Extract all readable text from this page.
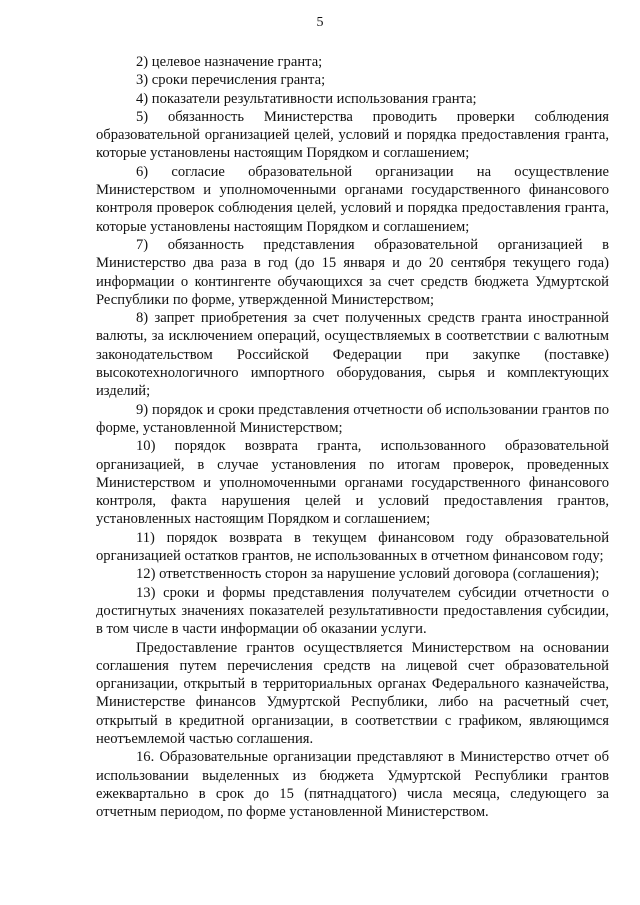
5

2) целевое назначение гранта;

3) сроки перечисления гранта;

4) показатели результативности использования гранта;

5) обязанность Министерства проводить проверки соблюдения образовательной организацией целей, условий и порядка предоставления гранта, которые установлены настоящим Порядком и соглашением;

6) согласие образовательной организации на осуществление Министерством и уполномоченными органами государственного финансового контроля проверок соблюдения целей, условий и порядка предоставления гранта, которые установлены настоящим Порядком и соглашением;

7) обязанность представления образовательной организацией в Министерство два раза в год (до 15 января и до 20 сентября текущего года) информации о контингенте обучающихся за счет средств бюджета Удмуртской Республики по форме, утвержденной Министерством;

8) запрет приобретения за счет полученных средств гранта иностранной валюты, за исключением операций, осуществляемых в соответствии с валютным законодательством Российской Федерации при закупке (поставке) высокотехнологичного импортного оборудования, сырья и комплектующих изделий;

9) порядок и сроки представления отчетности об использовании грантов по форме, установленной Министерством;

10) порядок возврата гранта, использованного образовательной организацией, в случае установления по итогам проверок, проведенных Министерством и уполномоченными органами государственного финансового контроля, факта нарушения целей и условий предоставления грантов, установленных настоящим Порядком и соглашением;

11) порядок возврата в текущем финансовом году образовательной организацией остатков грантов, не использованных в отчетном финансовом году;

12) ответственность сторон за нарушение условий договора (соглашения);

13) сроки и формы представления получателем субсидии отчетности о достигнутых значениях показателей результативности предоставления субсидии, в том числе в части информации об оказании услуги.

Предоставление грантов осуществляется Министерством на основании соглашения путем перечисления средств на лицевой счет образовательной организации, открытый в территориальных органах Федерального казначейства, Министерстве финансов Удмуртской Республики, либо на расчетный счет, открытый в кредитной организации, в соответствии с графиком, являющимся неотъемлемой частью соглашения.

16. Образовательные организации представляют в Министерство отчет об использовании выделенных из бюджета Удмуртской Республики грантов ежеквартально в срок до 15 (пятнадцатого) числа месяца, следующего за отчетным периодом, по форме установленной Министерством.
